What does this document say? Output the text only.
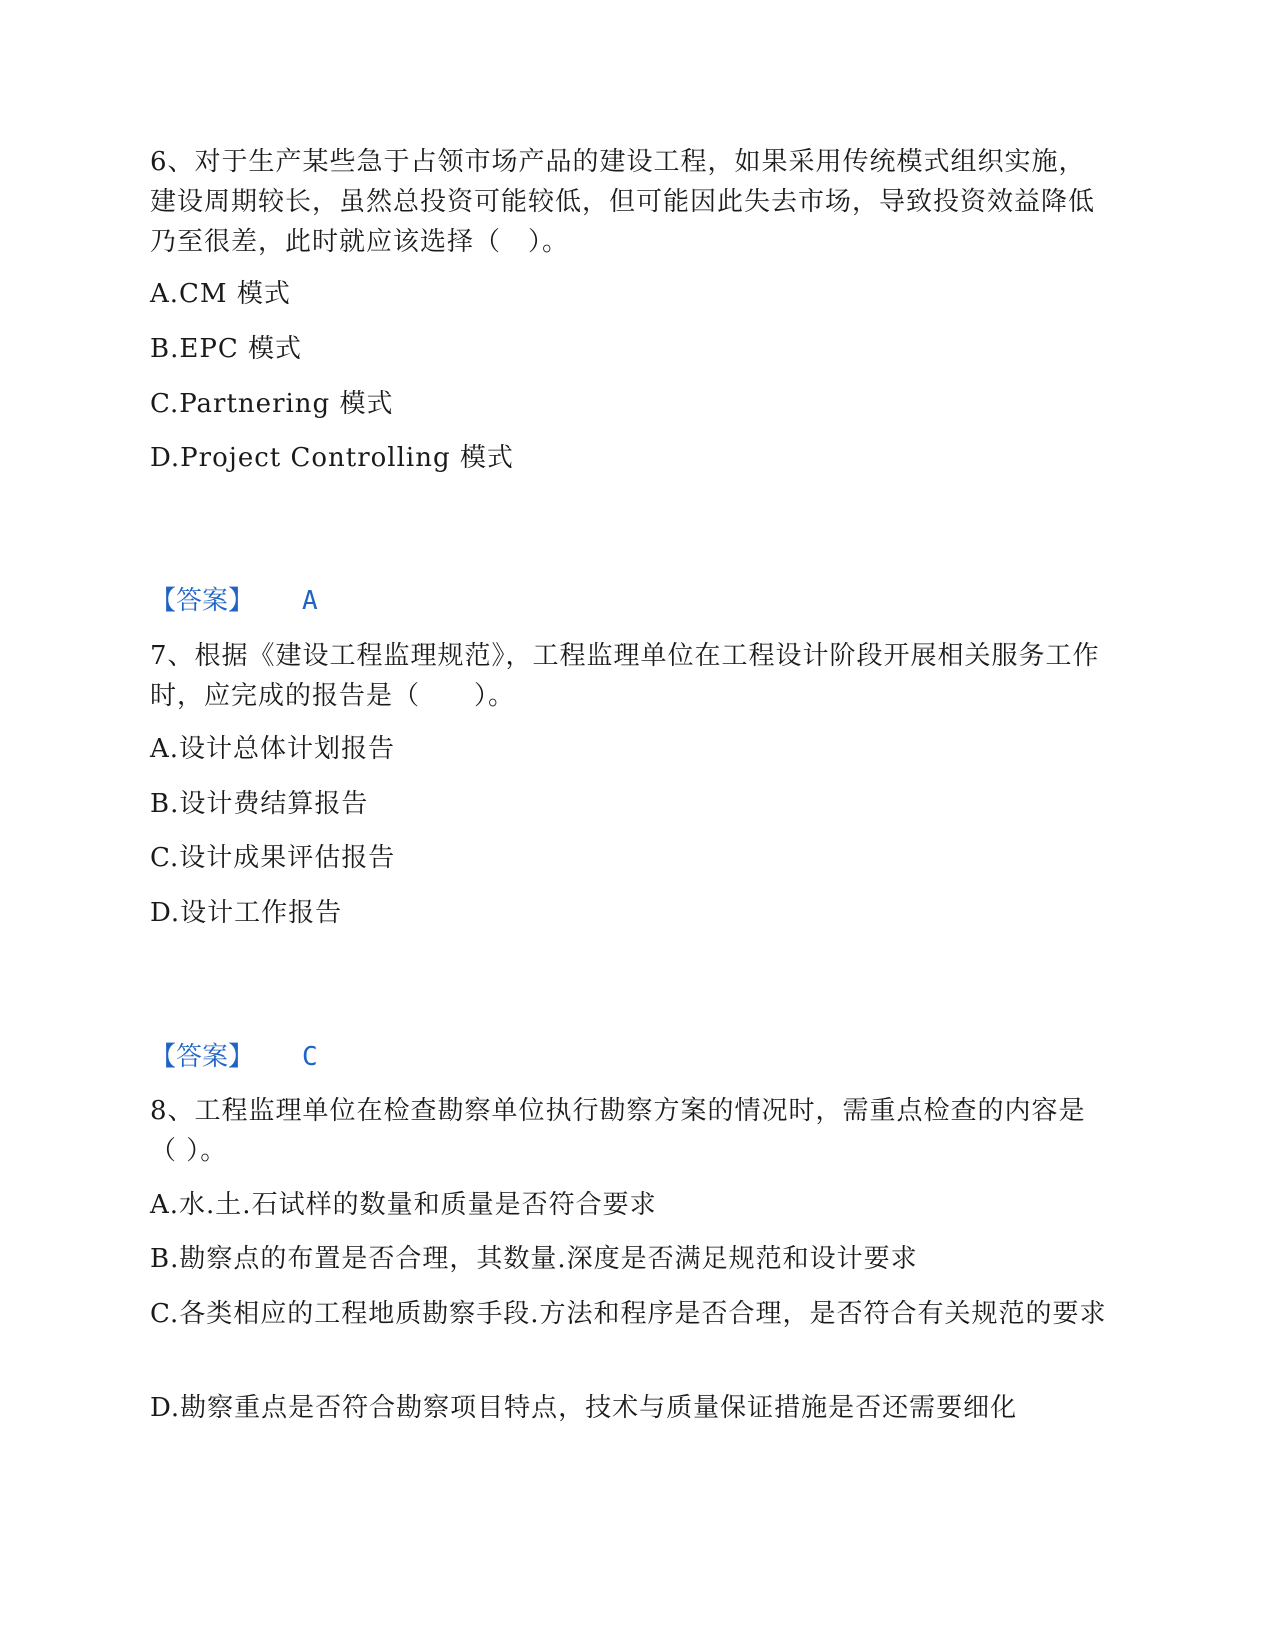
6、对于生产某些急于占领市场产品的建设工程，如果采用传统模式组织实施，建设周期较长，虽然总投资可能较低，但可能因此失去市场，导致投资效益降低乃至很差，此时就应该选择（　）。
A.CM 模式
B.EPC 模式
C.Partnering 模式
D.Project Controlling 模式
【答案】 A
7、根据《建设工程监理规范》，工程监理单位在工程设计阶段开展相关服务工作时，应完成的报告是（　　）。
A.设计总体计划报告
B.设计费结算报告
C.设计成果评估报告
D.设计工作报告
【答案】 C
8、工程监理单位在检查勘察单位执行勘察方案的情况时，需重点检查的内容是（ ）。
A.水.土.石试样的数量和质量是否符合要求
B.勘察点的布置是否合理，其数量.深度是否满足规范和设计要求
C.各类相应的工程地质勘察手段.方法和程序是否合理，是否符合有关规范的要求
D.勘察重点是否符合勘察项目特点，技术与质量保证措施是否还需要细化
